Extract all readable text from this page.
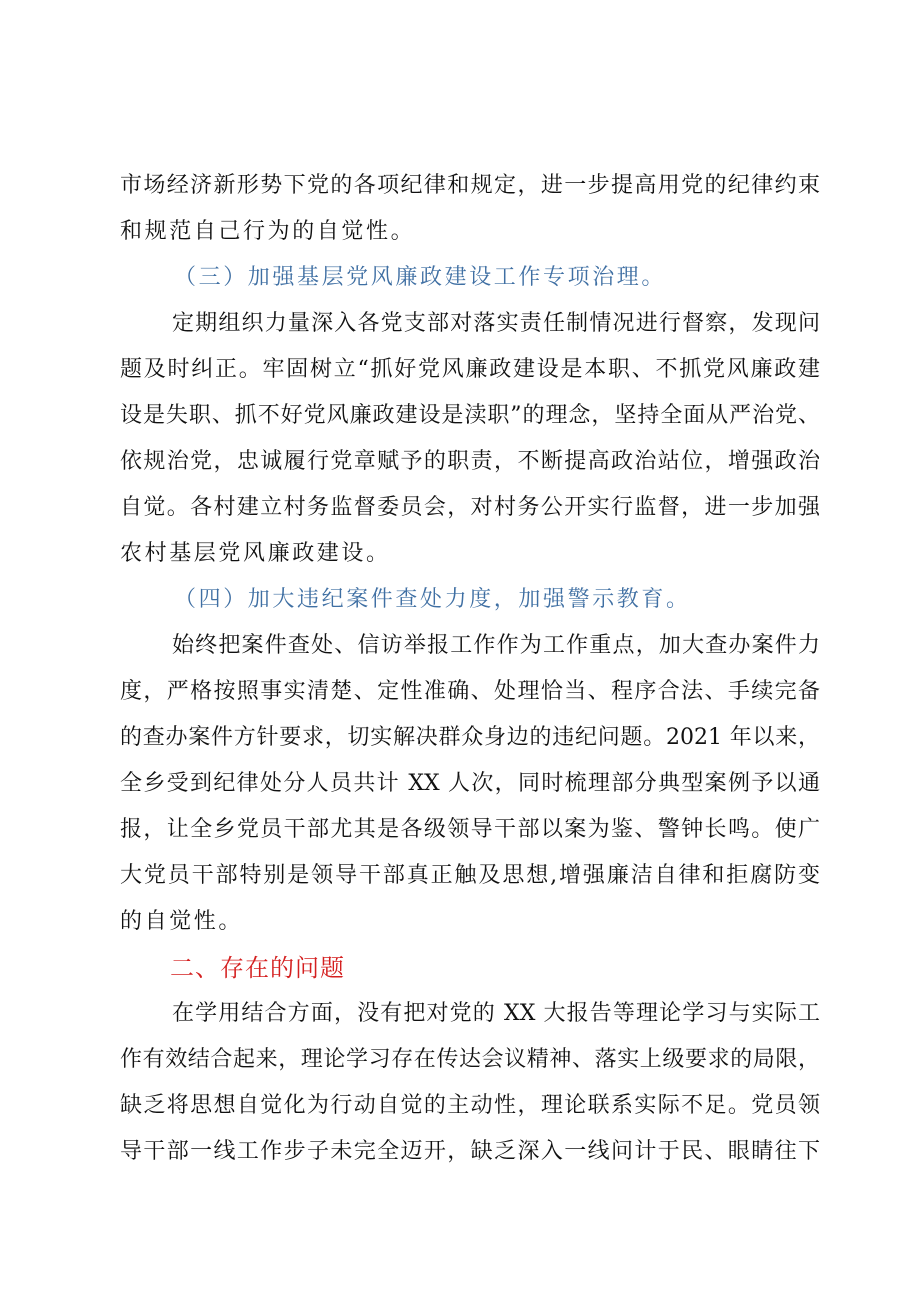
市场经济新形势下党的各项纪律和规定，进一步提高用党的纪律约束
和规范自己行为的自觉性。
（三）加强基层党风廉政建设工作专项治理。
定期组织力量深入各党支部对落实责任制情况进行督察，发现问
题及时纠正。牢固树立“抓好党风廉政建设是本职、不抓党风廉政建
设是失职、抓不好党风廉政建设是渎职”的理念，坚持全面从严治党、
依规治党，忠诚履行党章赋予的职责，不断提高政治站位，增强政治
自觉。各村建立村务监督委员会，对村务公开实行监督，进一步加强
农村基层党风廉政建设。
（四）加大违纪案件查处力度，加强警示教育。
始终把案件查处、信访举报工作作为工作重点，加大查办案件力
度，严格按照事实清楚、定性准确、处理恰当、程序合法、手续完备
的查办案件方针要求，切实解决群众身边的违纪问题。2021 年以来，
全乡受到纪律处分人员共计 XX 人次，同时梳理部分典型案例予以通
报，让全乡党员干部尤其是各级领导干部以案为鉴、警钟长鸣。使广
大党员干部特别是领导干部真正触及思想,增强廉洁自律和拒腐防变
的自觉性。
二、存在的问题
在学用结合方面，没有把对党的 XX 大报告等理论学习与实际工
作有效结合起来，理论学习存在传达会议精神、落实上级要求的局限，
缺乏将思想自觉化为行动自觉的主动性，理论联系实际不足。党员领
导干部一线工作步子未完全迈开，缺乏深入一线问计于民、眼睛往下
